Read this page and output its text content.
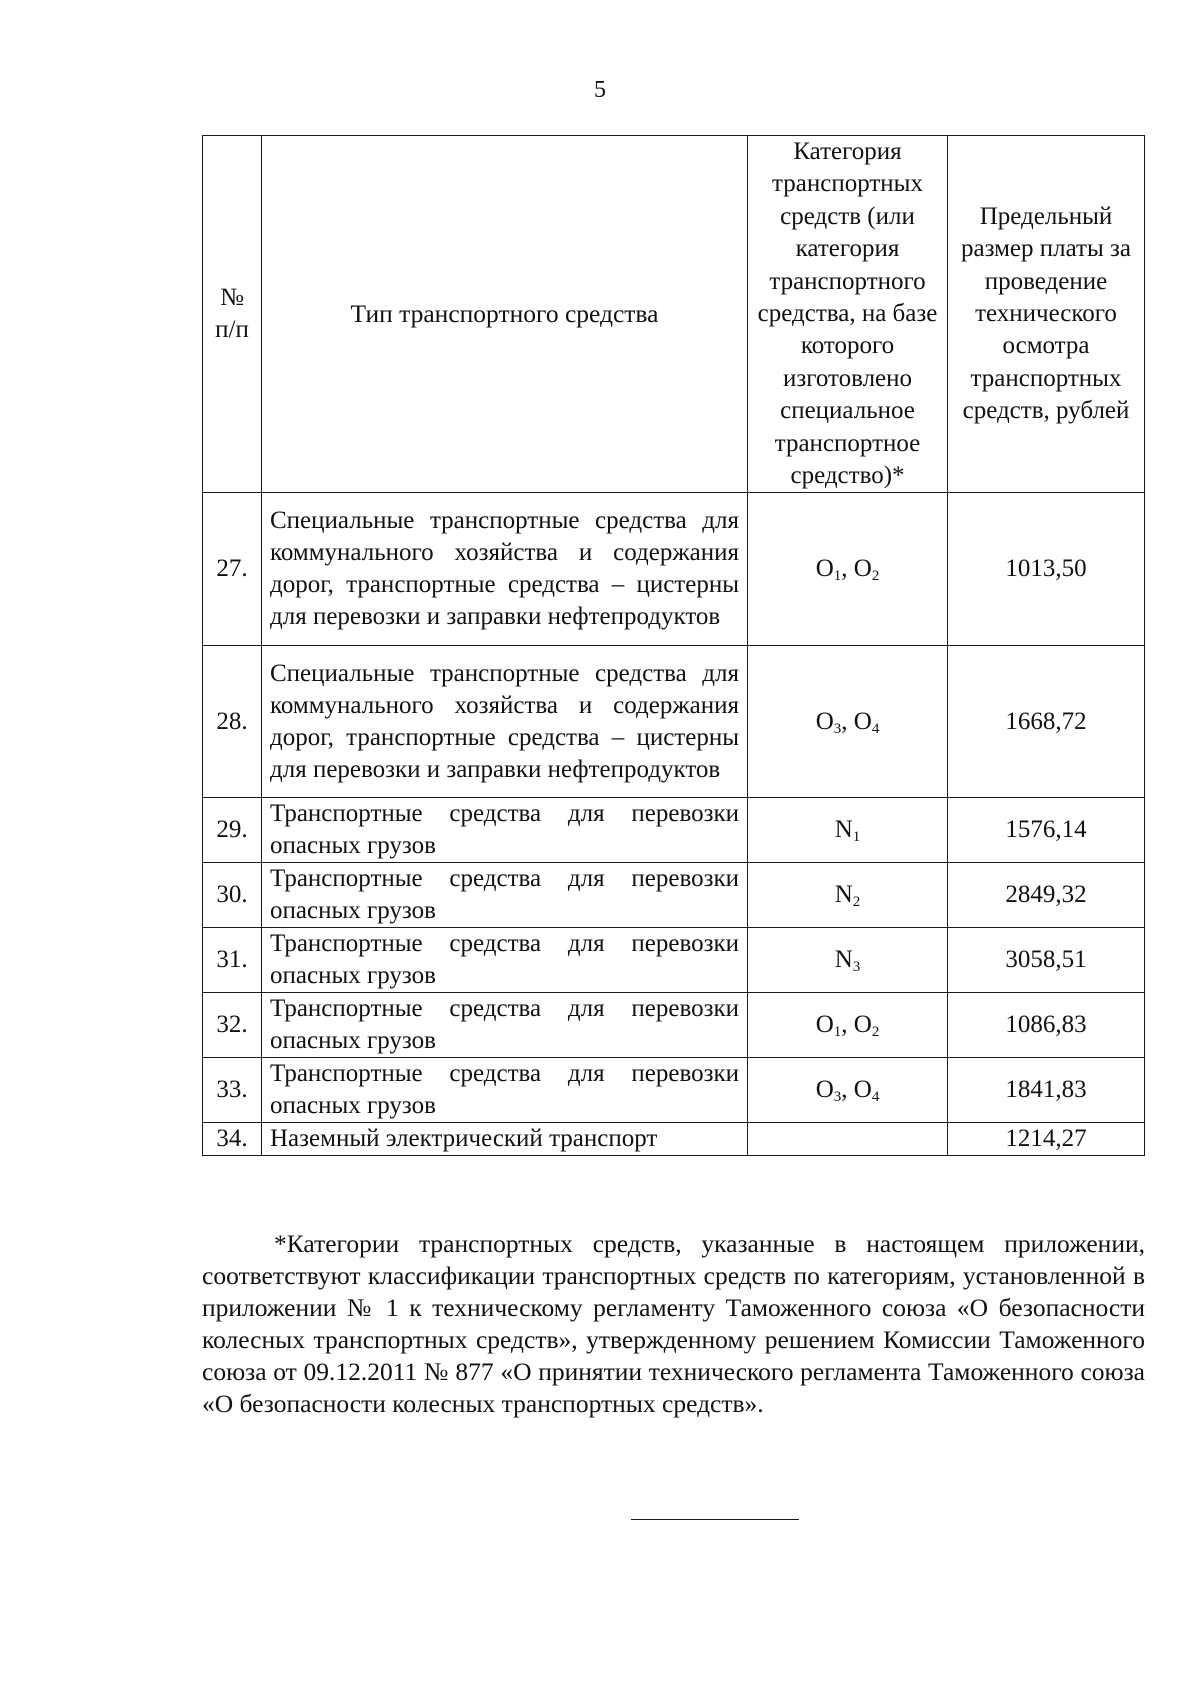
5
№
п/п	Тип транспортного средства	Категория транспортных средств (или категория транспортного средства, на базе которого изготовлено специальное транспортное средство)*	Предельный размер платы за проведение технического осмотра транспортных средств, рублей
27.	Специальные транспортные средства для коммунального хозяйства и содержания дорог, транспортные средства – цистерны для перевозки и заправки нефтепродуктов	$O_1$, $O_2$	1013,50
28.	Специальные транспортные средства для коммунального хозяйства и содержания дорог, транспортные средства – цистерны для перевозки и заправки нефтепродуктов	$O_3$, $O_4$	1668,72
29.	Транспортные средства для перевозки опасных грузов	$N_1$	1576,14
30.	Транспортные средства для перевозки опасных грузов	$N_2$	2849,32
31.	Транспортные средства для перевозки опасных грузов	$N_3$	3058,51
32.	Транспортные средства для перевозки опасных грузов	$O_1$, $O_2$	1086,83
33.	Транспортные средства для перевозки опасных грузов	$O_3$, $O_4$	1841,83
34.	Наземный электрический транспорт		1214,27

*Категории транспортных средств, указанные в настоящем приложении, соответствуют классификации транспортных средств по категориям, установленной в приложении № 1 к техническому регламенту Таможенного союза «О безопасности колесных транспортных средств», утвержденному решением Комиссии Таможенного союза от 09.12.2011 № 877 «О принятии технического регламента Таможенного союза «О безопасности колесных транспортных средств».
